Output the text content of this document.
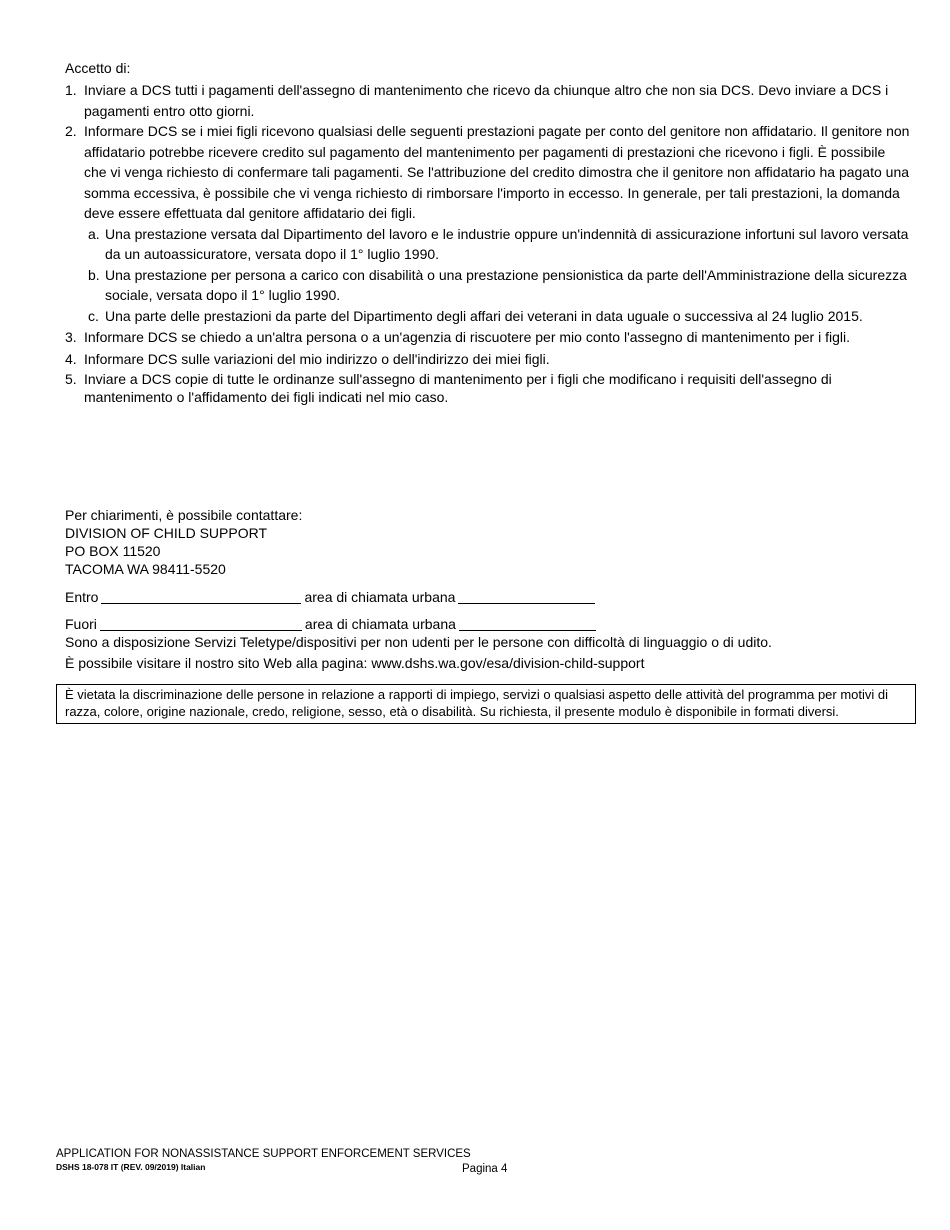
Accetto di:
1. Inviare a DCS tutti i pagamenti dell'assegno di mantenimento che ricevo da chiunque altro che non sia DCS. Devo inviare a DCS i pagamenti entro otto giorni.
2. Informare DCS se i miei figli ricevono qualsiasi delle seguenti prestazioni pagate per conto del genitore non affidatario. Il genitore non affidatario potrebbe ricevere credito sul pagamento del mantenimento per pagamenti di prestazioni che ricevono i figli. È possibile che vi venga richiesto di confermare tali pagamenti. Se l'attribuzione del credito dimostra che il genitore non affidatario ha pagato una somma eccessiva, è possibile che vi venga richiesto di rimborsare l'importo in eccesso. In generale, per tali prestazioni, la domanda deve essere effettuata dal genitore affidatario dei figli.
a. Una prestazione versata dal Dipartimento del lavoro e le industrie oppure un'indennità di assicurazione infortuni sul lavoro versata da un autoassicuratore, versata dopo il 1° luglio 1990.
b. Una prestazione per persona a carico con disabilità o una prestazione pensionistica da parte dell'Amministrazione della sicurezza sociale, versata dopo il 1° luglio 1990.
c. Una parte delle prestazioni da parte del Dipartimento degli affari dei veterani in data uguale o successiva al 24 luglio 2015.
3. Informare DCS se chiedo a un'altra persona o a un'agenzia di riscuotere per mio conto l'assegno di mantenimento per i figli.
4. Informare DCS sulle variazioni del mio indirizzo o dell'indirizzo dei miei figli.
5. Inviare a DCS copie di tutte le ordinanze sull'assegno di mantenimento per i figli che modificano i requisiti dell'assegno di mantenimento o l'affidamento dei figli indicati nel mio caso.
Per chiarimenti, è possibile contattare:
DIVISION OF CHILD SUPPORT
PO BOX 11520
TACOMA WA 98411-5520
Entro	area di chiamata urbana
Fuori	area di chiamata urbana
Sono a disposizione Servizi Teletype/dispositivi per non udenti per le persone con difficoltà di linguaggio o di udito.
È possibile visitare il nostro sito Web alla pagina: www.dshs.wa.gov/esa/division-child-support
È vietata la discriminazione delle persone in relazione a rapporti di impiego, servizi o qualsiasi aspetto delle attività del programma per motivi di razza, colore, origine nazionale, credo, religione, sesso, età o disabilità. Su richiesta, il presente modulo è disponibile in formati diversi.
APPLICATION FOR NONASSISTANCE SUPPORT ENFORCEMENT SERVICES
DSHS 18-078 IT (REV. 09/2019) Italian	Pagina 4
